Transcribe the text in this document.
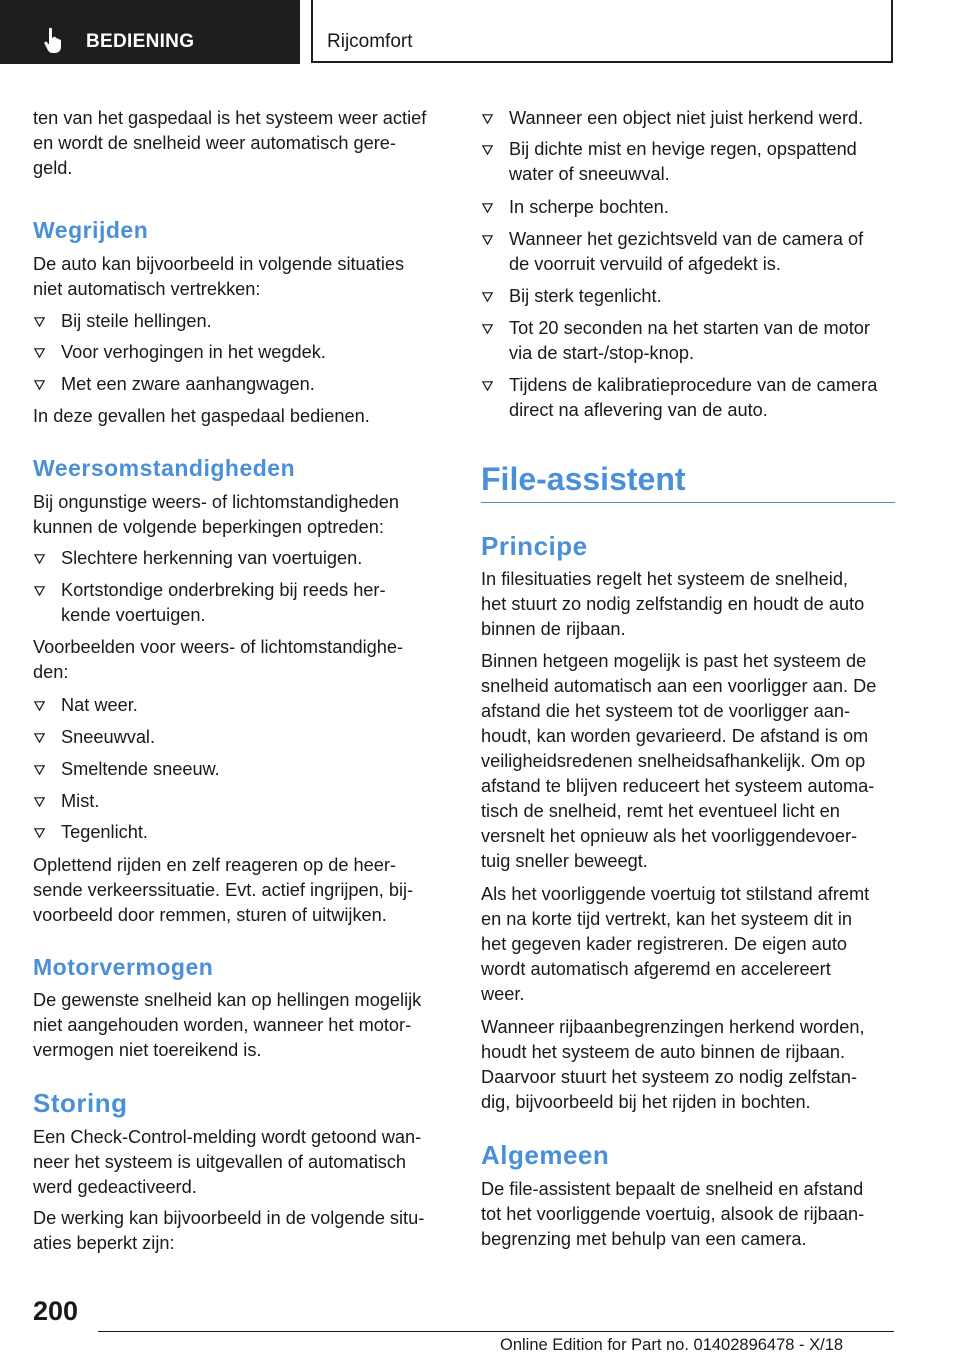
BEDIENING	Rijcomfort

ten van het gaspedaal is het systeem weer actief
en wordt de snelheid weer automatisch gere-
geld.

Wegrijden

De auto kan bijvoorbeeld in volgende situaties
niet automatisch vertrekken:

Bij steile hellingen.
Voor verhogingen in het wegdek.
Met een zware aanhangwagen.

In deze gevallen het gaspedaal bedienen.

Weersomstandigheden

Bij ongunstige weers- of lichtomstandigheden
kunnen de volgende beperkingen optreden:

Slechtere herkenning van voertuigen.
Kortstondige onderbreking bij reeds her-
kende voertuigen.

Voorbeelden voor weers- of lichtomstandighe-
den:

Nat weer.
Sneeuwval.
Smeltende sneeuw.
Mist.
Tegenlicht.

Oplettend rijden en zelf reageren op de heer-
sende verkeerssituatie. Evt. actief ingrijpen, bij-
voorbeeld door remmen, sturen of uitwijken.

Motorvermogen

De gewenste snelheid kan op hellingen mogelijk
niet aangehouden worden, wanneer het motor-
vermogen niet toereikend is.

Storing

Een Check-Control-melding wordt getoond wan-
neer het systeem is uitgevallen of automatisch
werd gedeactiveerd.

De werking kan bijvoorbeeld in de volgende situ-
aties beperkt zijn:

Wanneer een object niet juist herkend werd.
Bij dichte mist en hevige regen, opspattend
water of sneeuwval.
In scherpe bochten.
Wanneer het gezichtsveld van de camera of
de voorruit vervuild of afgedekt is.
Bij sterk tegenlicht.
Tot 20 seconden na het starten van de motor
via de start-/stop-knop.
Tijdens de kalibratieprocedure van de camera
direct na aflevering van de auto.
File-assistent
Principe

In filesituaties regelt het systeem de snelheid,
het stuurt zo nodig zelfstandig en houdt de auto
binnen de rijbaan.

Binnen hetgeen mogelijk is past het systeem de
snelheid automatisch aan een voorligger aan. De
afstand die het systeem tot de voorligger aan-
houdt, kan worden gevarieerd. De afstand is om
veiligheidsredenen snelheidsafhankelijk. Om op
afstand te blijven reduceert het systeem automa-
tisch de snelheid, remt het eventueel licht en
versnelt het opnieuw als het voorliggendevoer-
tuig sneller beweegt.

Als het voorliggende voertuig tot stilstand afremt
en na korte tijd vertrekt, kan het systeem dit in
het gegeven kader registreren. De eigen auto
wordt automatisch afgeremd en accelereert
weer.

Wanneer rijbaanbegrenzingen herkend worden,
houdt het systeem de auto binnen de rijbaan.
Daarvoor stuurt het systeem zo nodig zelfstan-
dig, bijvoorbeeld bij het rijden in bochten.

Algemeen

De file-assistent bepaalt de snelheid en afstand
tot het voorliggende voertuig, alsook de rijbaan-
begrenzing met behulp van een camera.

200
Online Edition for Part no. 01402896478 - X/18
